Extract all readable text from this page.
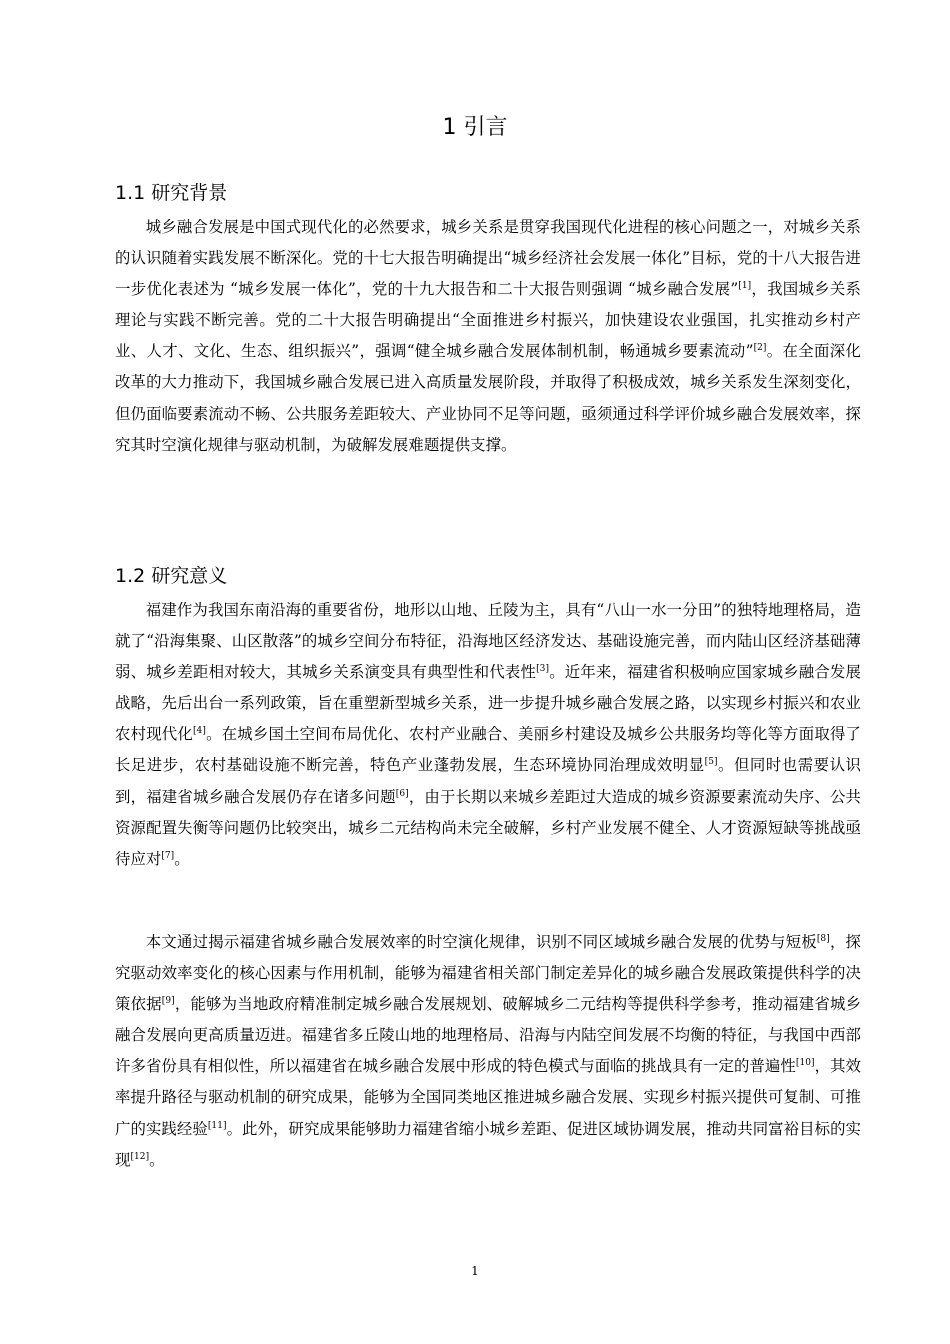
1 引言
1.1 研究背景

城乡融合发展是中国式现代化的必然要求，城乡关系是贯穿我国现代化进程的核心问题之一，对城乡关系的认识随着实践发展不断深化。党的十七大报告明确提出“城乡经济社会发展一体化”目标，党的十八大报告进一步优化表述为 “城乡发展一体化”，党的十九大报告和二十大报告则强调 “城乡融合发展”[1]，我国城乡关系理论与实践不断完善。党的二十大报告明确提出“全面推进乡村振兴，加快建设农业强国，扎实推动乡村产业、人才、文化、生态、组织振兴”，强调“健全城乡融合发展体制机制，畅通城乡要素流动”[2]。在全面深化改革的大力推动下，我国城乡融合发展已进入高质量发展阶段，并取得了积极成效，城乡关系发生深刻变化，但仍面临要素流动不畅、公共服务差距较大、产业协同不足等问题，亟须通过科学评价城乡融合发展效率，探究其时空演化规律与驱动机制，为破解发展难题提供支撑。

1.2 研究意义

福建作为我国东南沿海的重要省份，地形以山地、丘陵为主，具有“八山一水一分田”的独特地理格局，造就了“沿海集聚、山区散落”的城乡空间分布特征，沿海地区经济发达、基础设施完善，而内陆山区经济基础薄弱、城乡差距相对较大，其城乡关系演变具有典型性和代表性[3]。近年来，福建省积极响应国家城乡融合发展战略，先后出台一系列政策，旨在重塑新型城乡关系，进一步提升城乡融合发展之路，以实现乡村振兴和农业农村现代化[4]。在城乡国土空间布局优化、农村产业融合、美丽乡村建设及城乡公共服务均等化等方面取得了长足进步，农村基础设施不断完善，特色产业蓬勃发展，生态环境协同治理成效明显[5]。但同时也需要认识到，福建省城乡融合发展仍存在诸多问题[6]，由于长期以来城乡差距过大造成的城乡资源要素流动失序、公共资源配置失衡等问题仍比较突出，城乡二元结构尚未完全破解，乡村产业发展不健全、人才资源短缺等挑战亟待应对[7]。

本文通过揭示福建省城乡融合发展效率的时空演化规律，识别不同区域城乡融合发展的优势与短板[8]，探究驱动效率变化的核心因素与作用机制，能够为福建省相关部门制定差异化的城乡融合发展政策提供科学的决策依据[9]，能够为当地政府精准制定城乡融合发展规划、破解城乡二元结构等提供科学参考，推动福建省城乡融合发展向更高质量迈进。福建省多丘陵山地的地理格局、沿海与内陆空间发展不均衡的特征，与我国中西部许多省份具有相似性，所以福建省在城乡融合发展中形成的特色模式与面临的挑战具有一定的普遍性[10]，其效率提升路径与驱动机制的研究成果，能够为全国同类地区推进城乡融合发展、实现乡村振兴提供可复制、可推广的实践经验[11]。此外，研究成果能够助力福建省缩小城乡差距、促进区域协调发展，推动共同富裕目标的实现[12]。

1
